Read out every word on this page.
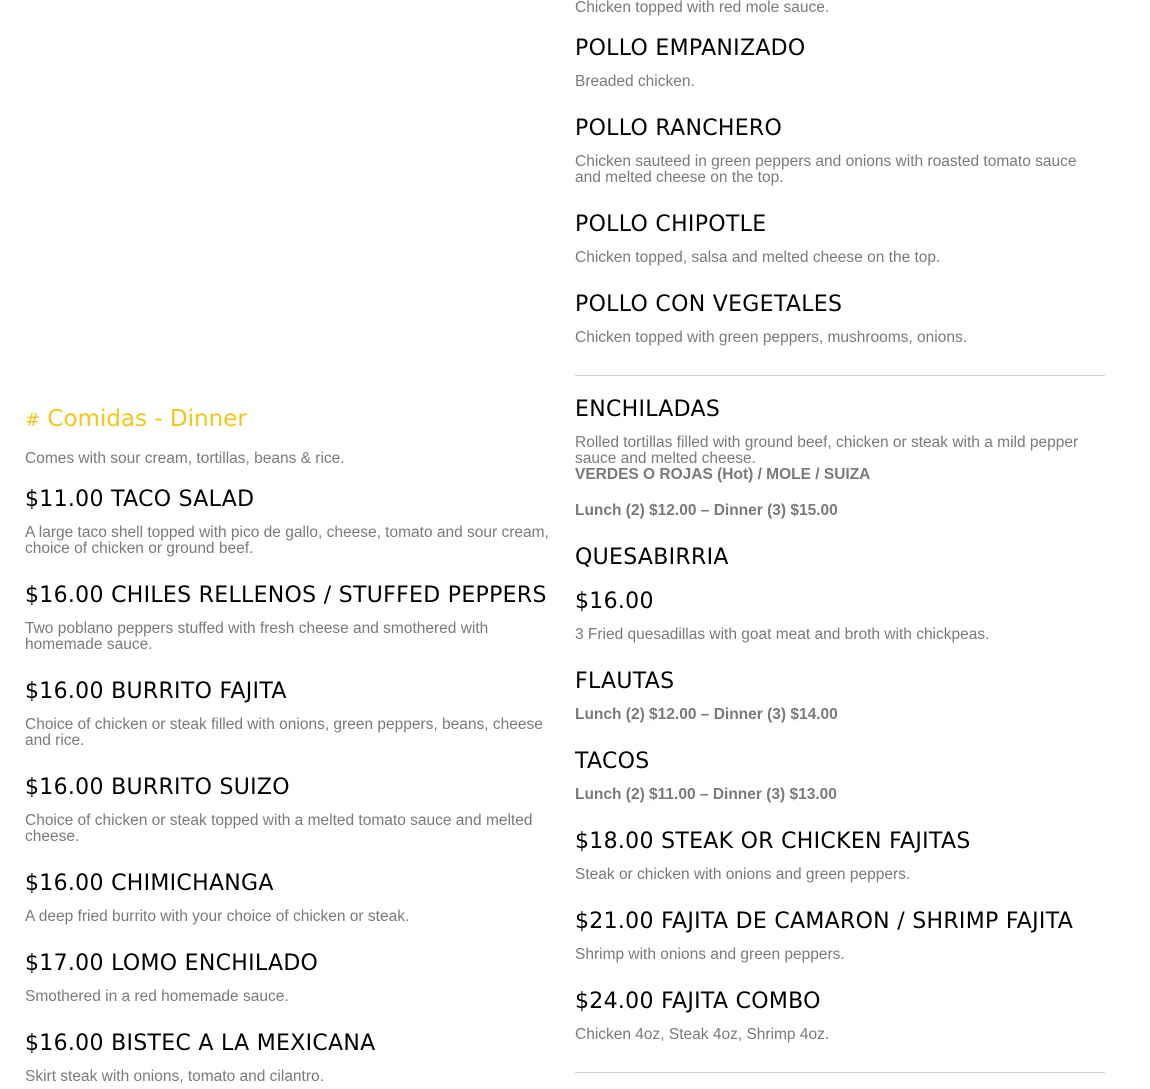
# Comidas - Dinner
Comes with sour cream, tortillas, beans & rice.
$11.00 TACO SALAD
A large taco shell topped with pico de gallo, cheese, tomato and sour cream, choice of chicken or ground beef.
$16.00 CHILES RELLENOS / STUFFED PEPPERS
Two poblano peppers stuffed with fresh cheese and smothered with homemade sauce.
$16.00 BURRITO FAJITA
Choice of chicken or steak filled with onions, green peppers, beans, cheese and rice.
$16.00 BURRITO SUIZO
Choice of chicken or steak topped with a melted tomato sauce and melted cheese.
$16.00 CHIMICHANGA
A deep fried burrito with your choice of chicken or steak.
$17.00 LOMO ENCHILADO
Smothered in a red homemade sauce.
$16.00 BISTEC A LA MEXICANA
Skirt steak with onions, tomato and cilantro.
Chicken topped with red mole sauce.
POLLO EMPANIZADO
Breaded chicken.
POLLO RANCHERO
Chicken sauteed in green peppers and onions with roasted tomato sauce and melted cheese on the top.
POLLO CHIPOTLE
Chicken topped, salsa and melted cheese on the top.
POLLO CON VEGETALES
Chicken topped with green peppers, mushrooms, onions.
ENCHILADAS
Rolled tortillas filled with ground beef, chicken or steak with a mild pepper sauce and melted cheese.
VERDES O ROJAS (Hot) / MOLE / SUIZA
Lunch (2) $12.00 – Dinner (3) $15.00
QUESABIRRIA
$16.00
3 Fried quesadillas with goat meat and broth with chickpeas.
FLAUTAS
Lunch (2) $12.00 – Dinner (3) $14.00
TACOS
Lunch (2) $11.00 – Dinner (3) $13.00
$18.00 STEAK OR CHICKEN FAJITAS
Steak or chicken with onions and green peppers.
$21.00 FAJITA DE CAMARON / SHRIMP FAJITA
Shrimp with onions and green peppers.
$24.00 FAJITA COMBO
Chicken 4oz, Steak 4oz, Shrimp 4oz.
